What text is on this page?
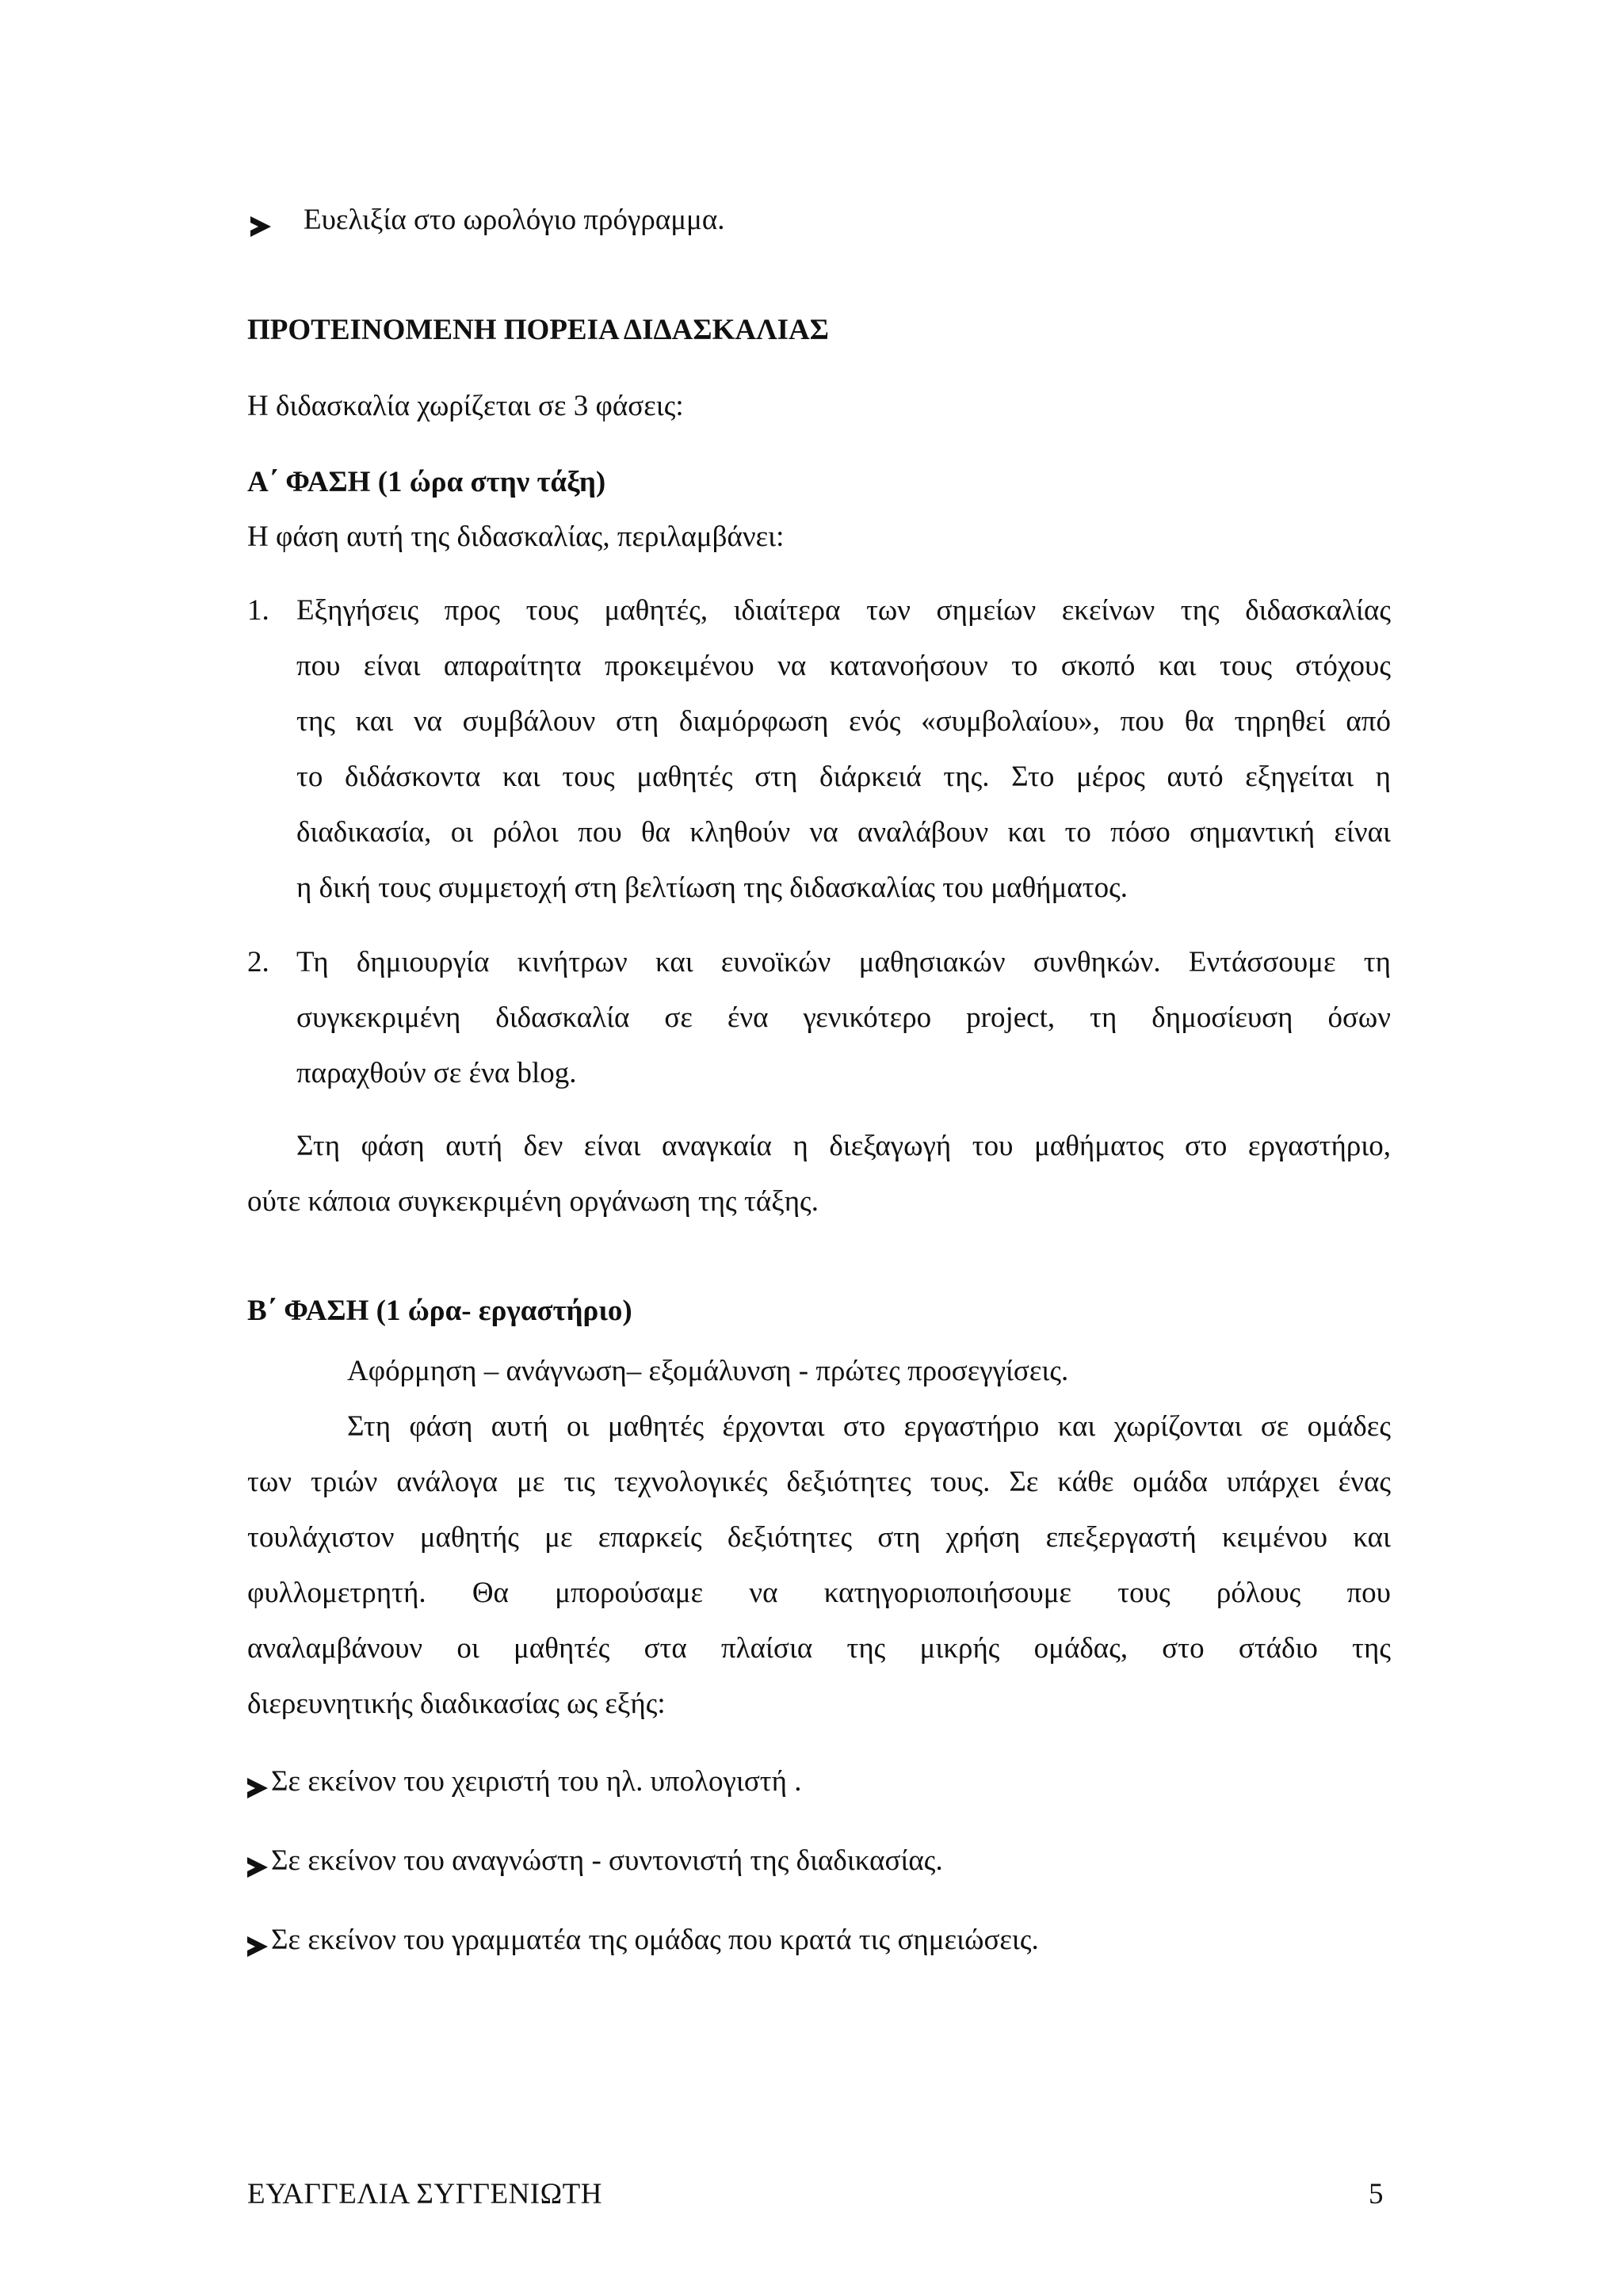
Ευελιξία στο ωρολόγιο πρόγραμμα.
ΠΡΟΤΕΙΝΟΜΕΝΗ ΠΟΡΕΙΑ ΔΙΔΑΣΚΑΛΙΑΣ
Η διδασκαλία χωρίζεται σε 3 φάσεις:
Α΄ ΦΑΣΗ (1 ώρα στην τάξη)
Η φάση αυτή της διδασκαλίας, περιλαμβάνει:
1. Εξηγήσεις προς τους μαθητές, ιδιαίτερα των σημείων εκείνων της διδασκαλίας
που είναι απαραίτητα προκειμένου να κατανοήσουν το σκοπό και τους στόχους
της και να συμβάλουν στη διαμόρφωση ενός «συμβολαίου», που θα τηρηθεί από
το διδάσκοντα και τους μαθητές στη διάρκειά της. Στο μέρος αυτό εξηγείται η
διαδικασία, οι ρόλοι που θα κληθούν να αναλάβουν και το πόσο σημαντική είναι
η δική τους συμμετοχή στη βελτίωση της διδασκαλίας του μαθήματος.
2. Τη δημιουργία κινήτρων και ευνοϊκών μαθησιακών συνθηκών. Εντάσσουμε τη
συγκεκριμένη διδασκαλία σε ένα γενικότερο project, τη δημοσίευση όσων
παραχθούν σε ένα blog.
Στη φάση αυτή δεν είναι αναγκαία η διεξαγωγή του μαθήματος στο εργαστήριο,
ούτε κάποια συγκεκριμένη οργάνωση της τάξης.
Β΄ ΦΑΣΗ (1 ώρα- εργαστήριο)
Αφόρμηση – ανάγνωση– εξομάλυνση - πρώτες προσεγγίσεις.
Στη φάση αυτή οι μαθητές έρχονται στο εργαστήριο και χωρίζονται σε ομάδες
των τριών ανάλογα με τις τεχνολογικές δεξιότητες τους. Σε κάθε ομάδα υπάρχει ένας
τουλάχιστον μαθητής με επαρκείς δεξιότητες στη χρήση επεξεργαστή κειμένου και
φυλλομετρητή. Θα μπορούσαμε να κατηγοριοποιήσουμε τους ρόλους που
αναλαμβάνουν οι μαθητές στα πλαίσια της μικρής ομάδας, στο στάδιο της
διερευνητικής διαδικασίας ως εξής:
Σε εκείνον του χειριστή του ηλ. υπολογιστή .
Σε εκείνον του αναγνώστη - συντονιστή της διαδικασίας.
Σε εκείνον του γραμματέα της ομάδας που κρατά τις σημειώσεις.
ΕΥΑΓΓΕΛΙΑ ΣΥΓΓΕΝΙΩΤΗ	5
